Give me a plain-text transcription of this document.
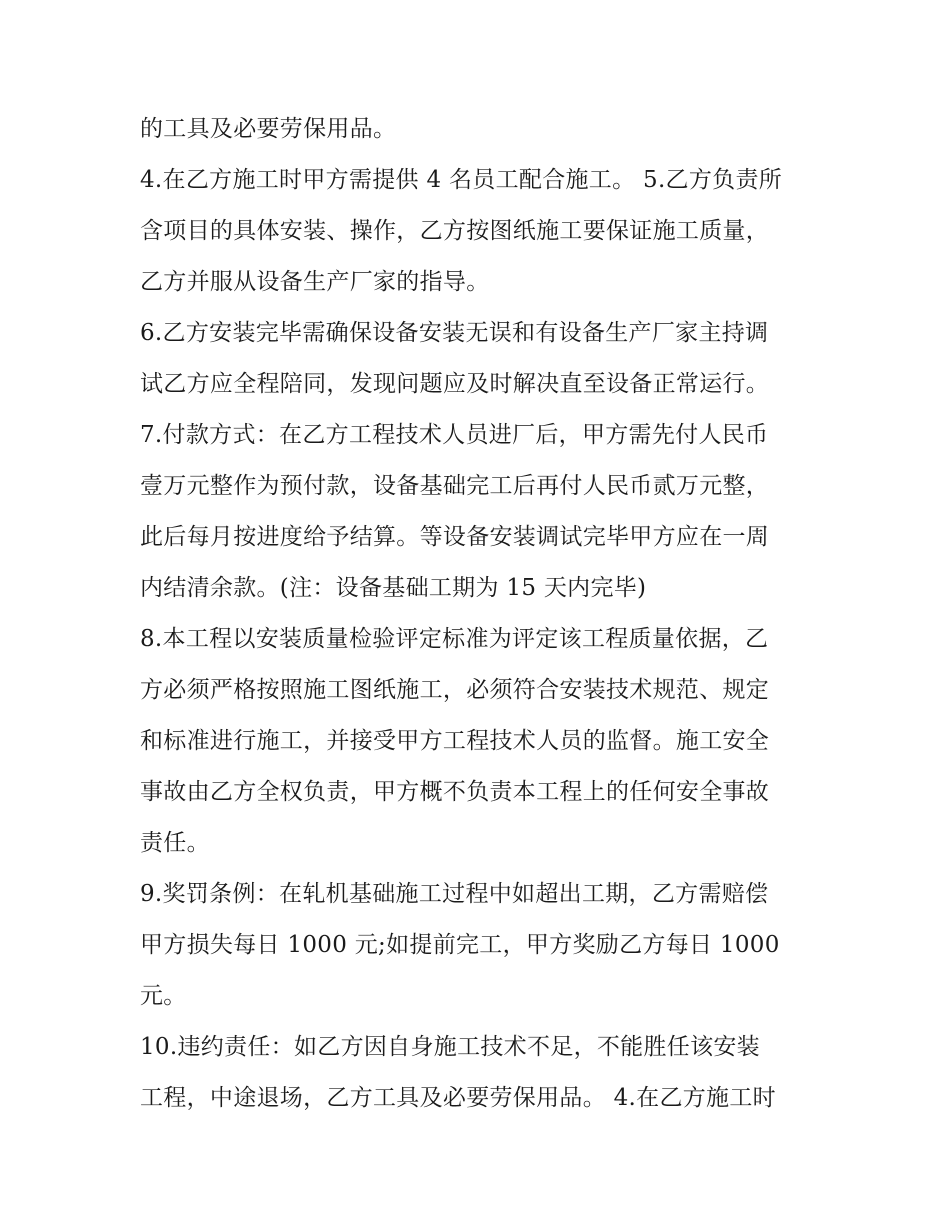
的工具及必要劳保用品。
4.在乙方施工时甲方需提供 4 名员工配合施工。 5.乙方负责所
含项目的具体安装、操作，乙方按图纸施工要保证施工质量，
乙方并服从设备生产厂家的指导。
6.乙方安装完毕需确保设备安装无误和有设备生产厂家主持调
试乙方应全程陪同，发现问题应及时解决直至设备正常运行。
7.付款方式：在乙方工程技术人员进厂后，甲方需先付人民币
壹万元整作为预付款，设备基础完工后再付人民币贰万元整，
此后每月按进度给予结算。等设备安装调试完毕甲方应在一周
内结清余款。(注：设备基础工期为 15 天内完毕)
8.本工程以安装质量检验评定标准为评定该工程质量依据，乙
方必须严格按照施工图纸施工，必须符合安装技术规范、规定
和标准进行施工，并接受甲方工程技术人员的监督。施工安全
事故由乙方全权负责，甲方概不负责本工程上的任何安全事故
责任。
9.奖罚条例：在轧机基础施工过程中如超出工期，乙方需赔偿
甲方损失每日 1000 元;如提前完工，甲方奖励乙方每日 1000
元。
10.违约责任：如乙方因自身施工技术不足，不能胜任该安装
工程，中途退场，乙方工具及必要劳保用品。 4.在乙方施工时
